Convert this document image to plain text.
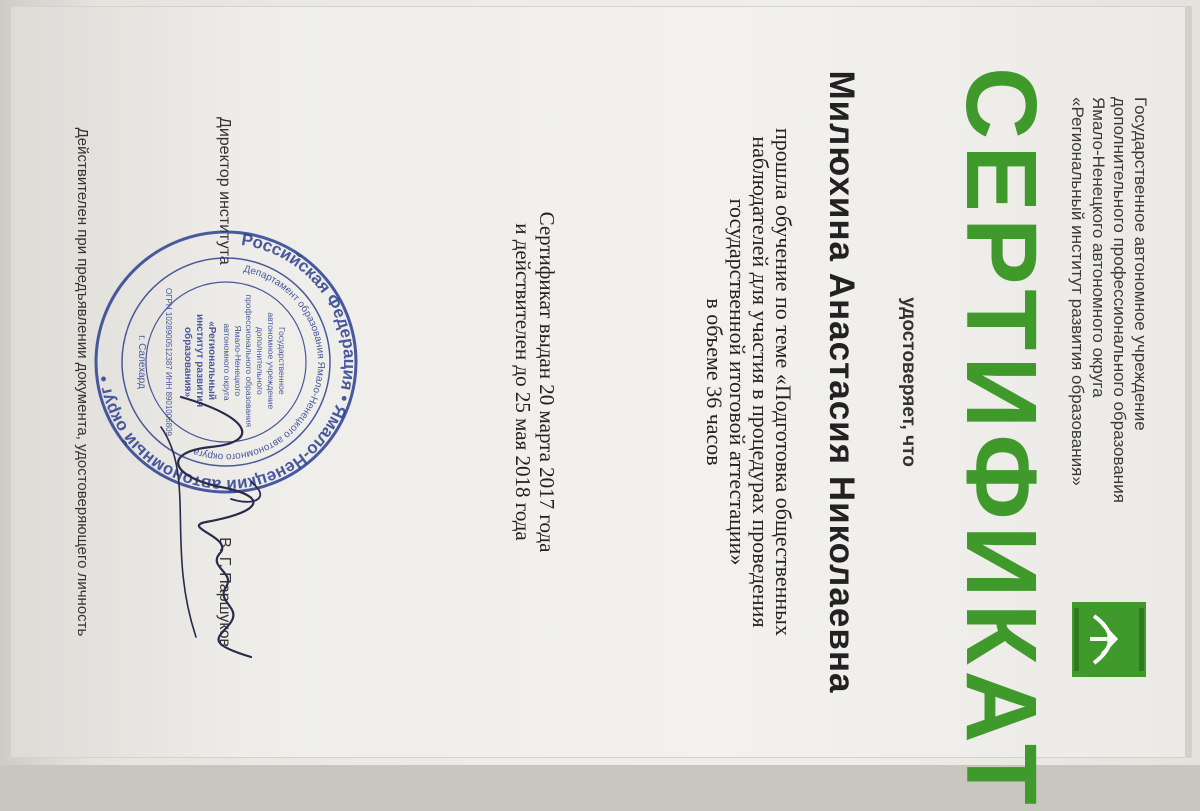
Государственное автономное учреждение
дополнительного профессионального образования
Ямало-Ненецкого автономного округа
«Региональный институт развития образования»
СЕРТИФИКАТ
удостоверяет, что
Милюхина Анастасия Николаевна
прошла обучение по теме «Подготовка общественных
наблюдателей для участия в процедурах проведения
государственной итоговой аттестации»
в объеме 36 часов
Сертификат выдан 20 марта 2017 года
и действителен до 25 мая 2018 года
Директор института
В. Г. Паршуков
Российская Федерация • Ямало-Ненецкий автономный округ •
Департамент образования Ямало-Ненецкого автономного округа
Государственное автономное учреждение дополнительного профессионального образования Ямало-Ненецкого автономного округа
«Региональный институт развития образования»
ОГРН 1028900512387 ИНН 8901006809
г. Салехард
Действителен при предъявлении документа, удостоверяющего личность
